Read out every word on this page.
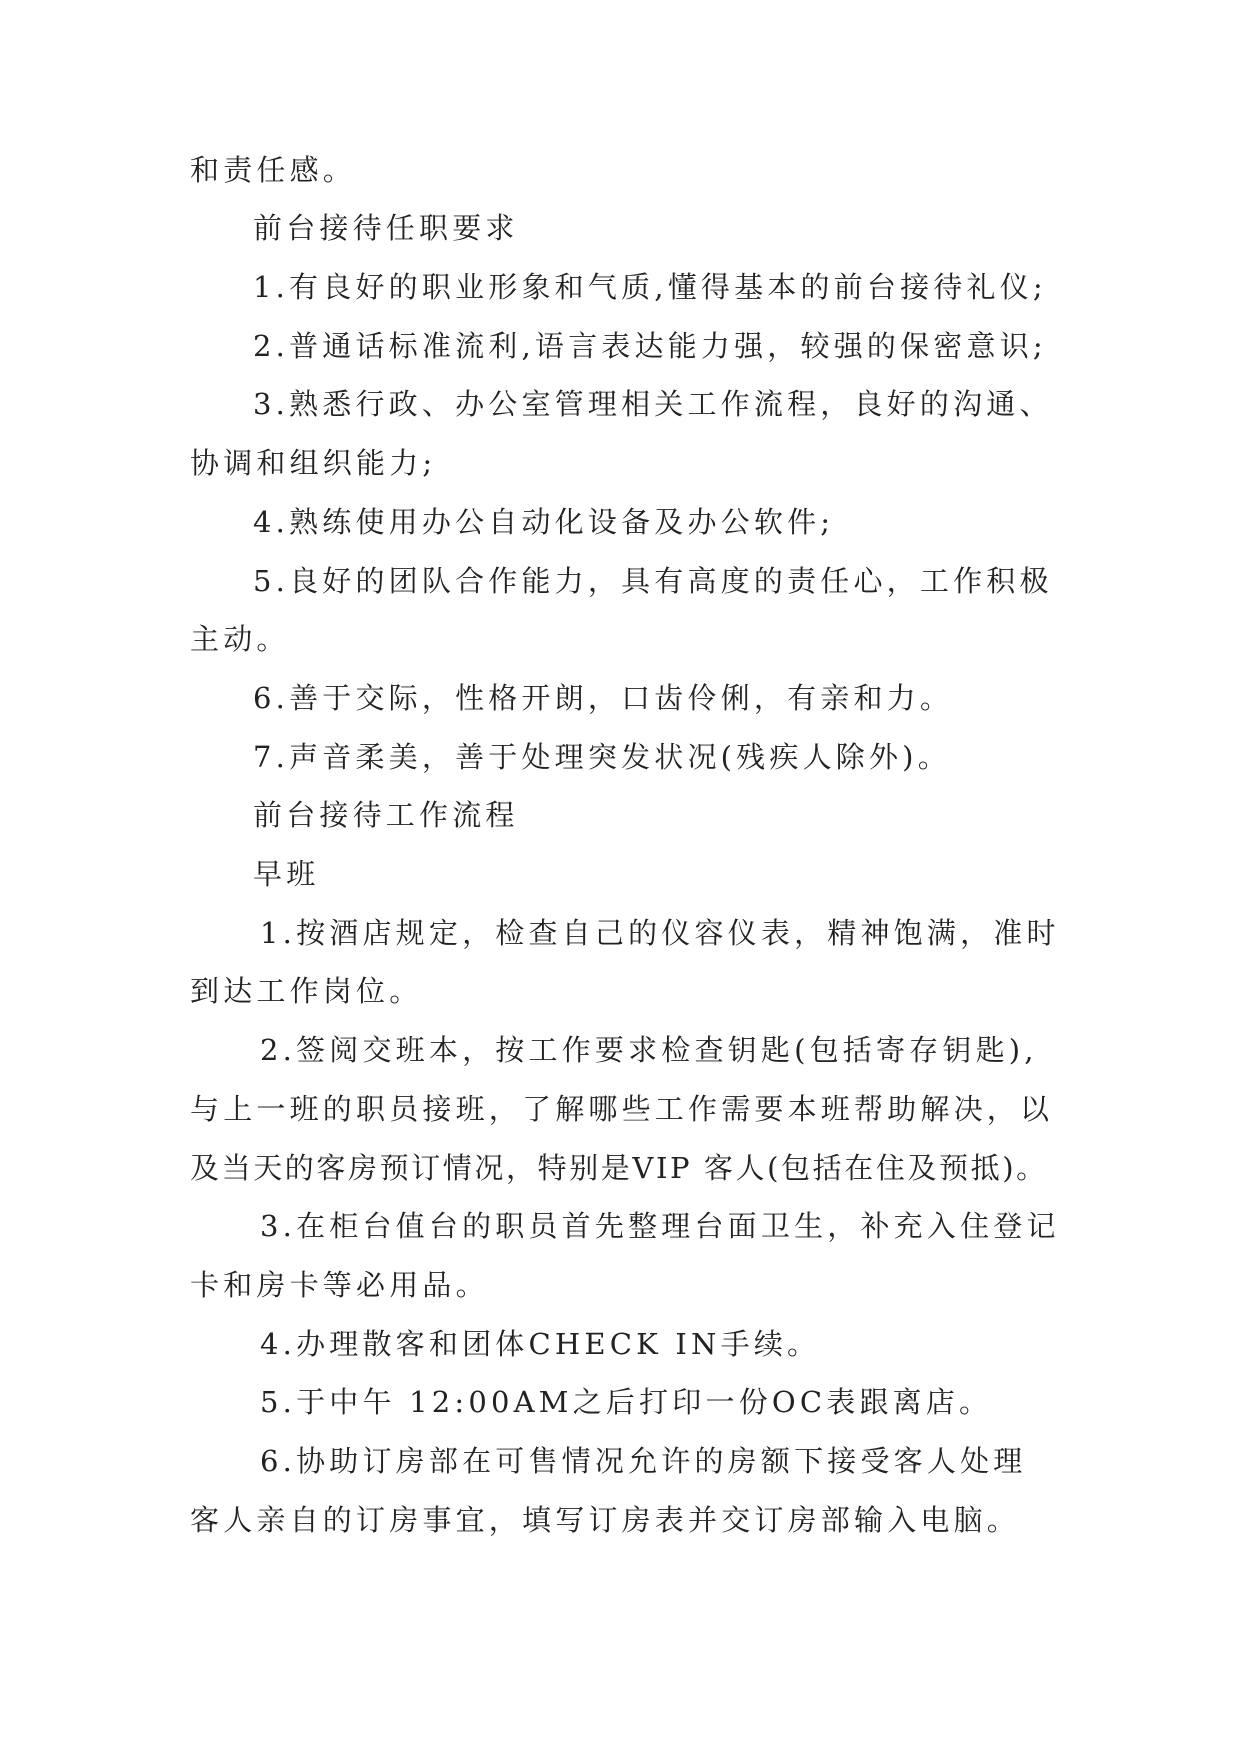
和责任感。
前台接待任职要求
1.有良好的职业形象和气质,懂得基本的前台接待礼仪;
2.普通话标准流利,语言表达能力强，较强的保密意识;
3.熟悉行政、办公室管理相关工作流程，良好的沟通、
协调和组织能力;
4.熟练使用办公自动化设备及办公软件;
5.良好的团队合作能力，具有高度的责任心，工作积极
主动。
6.善于交际，性格开朗，口齿伶俐，有亲和力。
7.声音柔美，善于处理突发状况(残疾人除外)。
前台接待工作流程
早班
1.按酒店规定，检查自己的仪容仪表，精神饱满，准时
到达工作岗位。
2.签阅交班本，按工作要求检查钥匙(包括寄存钥匙),
与上一班的职员接班，了解哪些工作需要本班帮助解决，以
及当天的客房预订情况，特别是VIP 客人(包括在住及预抵)。
3.在柜台值台的职员首先整理台面卫生，补充入住登记
卡和房卡等必用品。
4.办理散客和团体CHECK IN手续。
5.于中午 12:00AM之后打印一份OC表跟离店。
6.协助订房部在可售情况允许的房额下接受客人处理
客人亲自的订房事宜，填写订房表并交订房部输入电脑。
